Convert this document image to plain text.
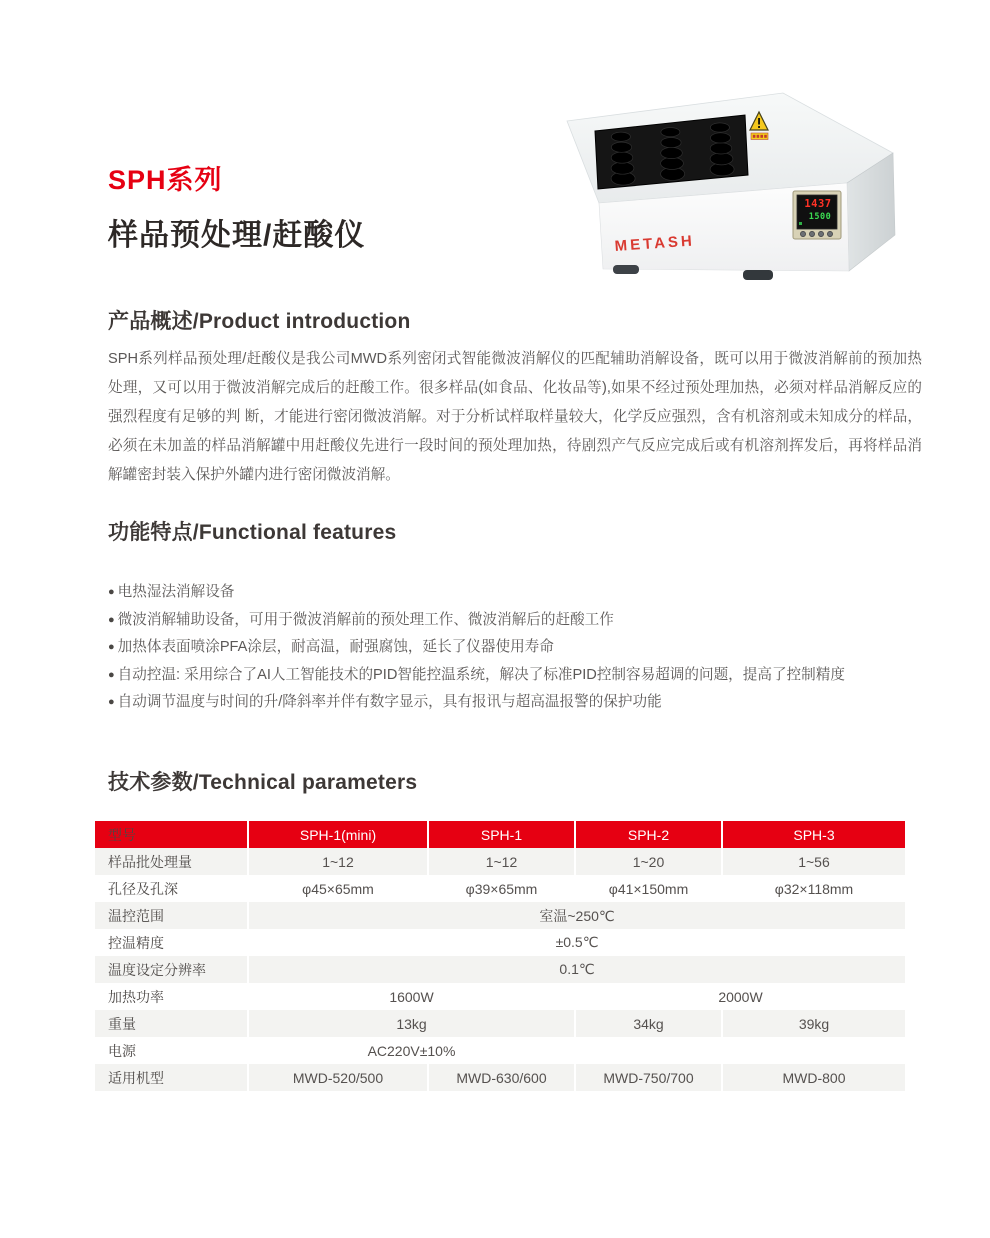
SPH系列
样品预处理/赶酸仪
1437
1500
METASH
产品概述/Product introduction

SPH系列样品预处理/赶酸仪是我公司MWD系列密闭式智能微波消解仪的匹配辅助消解设备，既可以用于微波消解前的预加热处理，又可以用于微波消解完成后的赶酸工作。很多样品(如食品、化妆品等),如果不经过预处理加热，必须对样品消解反应的强烈程度有足够的判 断，才能进行密闭微波消解。对于分析试样取样量较大，化学反应强烈，含有机溶剂或未知成分的样品，必须在未加盖的样品消解罐中用赶酸仪先进行一段时间的预处理加热，待剧烈产气反应完成后或有机溶剂挥发后，再将样品消解罐密封装入保护外罐内进行密闭微波消解。

功能特点/Functional features
● 电热湿法消解设备
● 微波消解辅助设备，可用于微波消解前的预处理工作、微波消解后的赶酸工作
● 加热体表面喷涂PFA涂层，耐高温，耐强腐蚀，延长了仪器使用寿命
● 自动控温: 采用综合了AI人工智能技术的PID智能控温系统，解决了标准PID控制容易超调的问题，提高了控制精度
● 自动调节温度与时间的升/降斜率并伴有数字显示，具有报讯与超高温报警的保护功能
技术参数/Technical parameters
型号	SPH-1(mini)	SPH-1	SPH-2	SPH-3
样品批处理量	1~12	1~12	1~20	1~56
孔径及孔深	φ45×65mm	φ39×65mm	φ41×150mm	φ32×118mm
温控范围	室温~250℃			
控温精度	±0.5℃			
温度设定分辨率	0.1℃			
加热功率	1600W		2000W	
重量	13kg		34kg	39kg
电源	AC220V±10%			
适用机型	MWD-520/500	MWD-630/600	MWD-750/700	MWD-800
